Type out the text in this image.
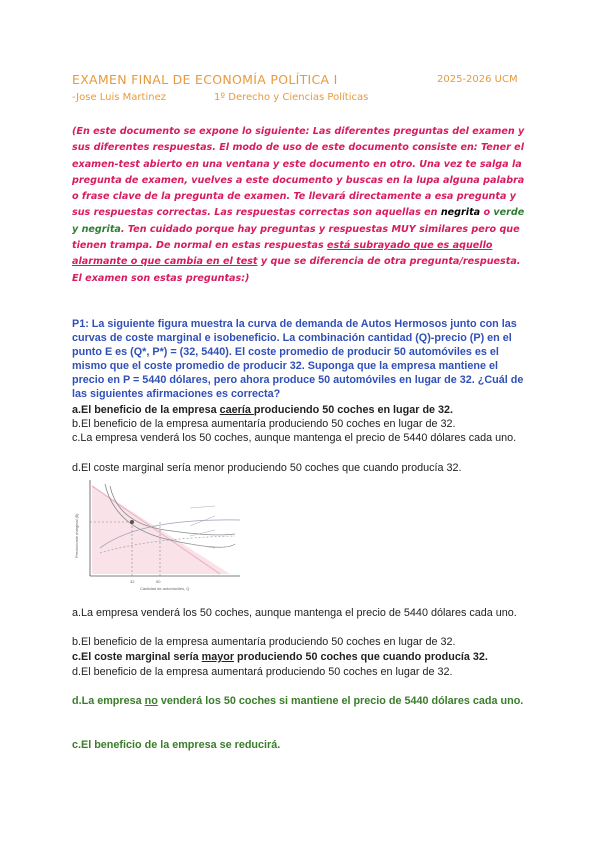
EXAMEN FINAL DE ECONOMÍA POLÍTICA I	2025-2026 UCM
-Jose Luis Martinez	1º Derecho y Ciencias Políticas
(En este documento se expone lo siguiente: Las diferentes preguntas del examen y sus diferentes respuestas. El modo de uso de este documento consiste en: Tener el examen-test abierto en una ventana y este documento en otro. Una vez te salga la pregunta de examen, vuelves a este documento y buscas en la lupa alguna palabra o frase clave de la pregunta de examen. Te llevará directamente a esa pregunta y sus respuestas correctas. Las respuestas correctas son aquellas en negrita o verde y negrita. Ten cuidado porque hay preguntas y respuestas MUY similares pero que tienen trampa. De normal en estas respuestas está subrayado que es aquello alarmante o que cambia en el test y que se diferencia de otra pregunta/respuesta. El examen son estas preguntas:)
P1: La siguiente figura muestra la curva de demanda de Autos Hermosos junto con las curvas de coste marginal e isobeneficio. La combinación cantidad (Q)-precio (P) en el punto E es (Q*, P*) = (32, 5440). El coste promedio de producir 50 automóviles es el mismo que el coste promedio de producir 32. Suponga que la empresa mantiene el precio en P = 5440 dólares, pero ahora produce 50 automóviles en lugar de 32. ¿Cuál de las siguientes afirmaciones es correcta?
a.El beneficio de la empresa caería produciendo 50 coches en lugar de 32.
b.El beneficio de la empresa aumentaría produciendo 50 coches en lugar de 32.
c.La empresa venderá los 50 coches, aunque mantenga el precio de 5440 dólares cada uno.
d.El coste marginal sería menor produciendo 50 coches que cuando producía 32.
32	50
Cantidad de automóviles, Q
Precio/coste marginal ($)
a.La empresa venderá los 50 coches, aunque mantenga el precio de 5440 dólares cada uno.
b.El beneficio de la empresa aumentaría produciendo 50 coches en lugar de 32.
c.El coste marginal sería mayor produciendo 50 coches que cuando producía 32.
d.El beneficio de la empresa aumentará produciendo 50 coches en lugar de 32.
d.La empresa no venderá los 50 coches si mantiene el precio de 5440 dólares cada uno.
c.El beneficio de la empresa se reducirá.
